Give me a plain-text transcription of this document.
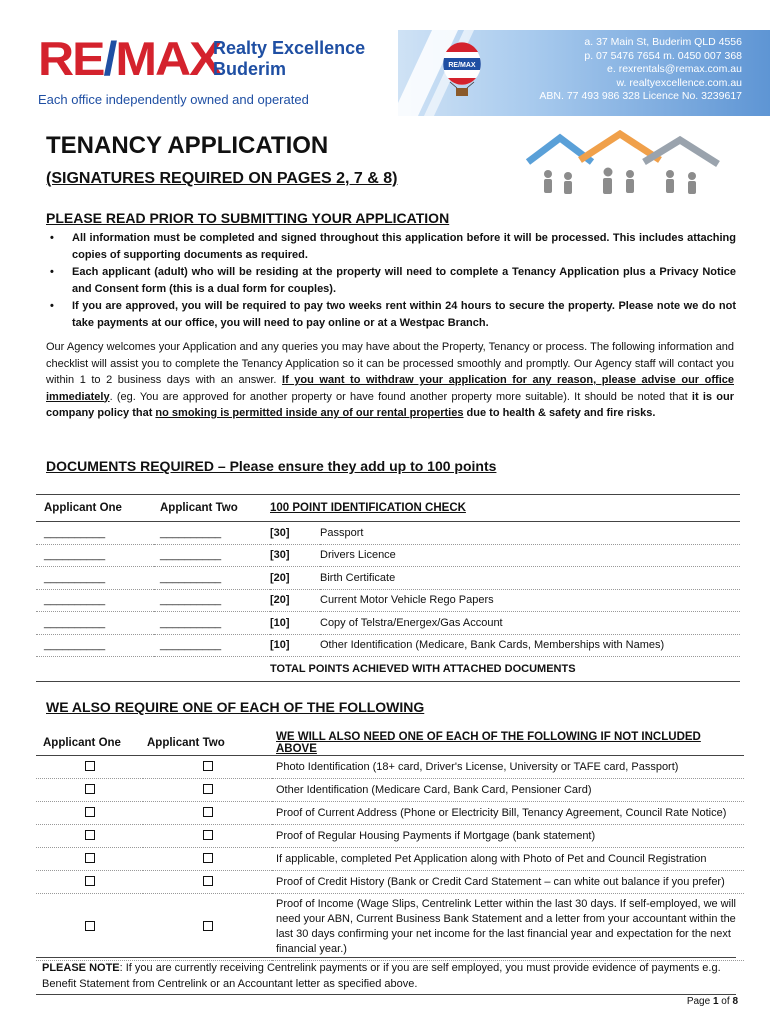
RE/MAX
Realty Excellence
Buderim
Each office independently owned and operated
RE/MAX
a. 37 Main St, Buderim QLD 4556
p. 07 5476 7654 m. 0450 007 368
e. rexrentals@remax.com.au
w. realtyexcellence.com.au
ABN. 77 493 986 328 Licence No. 3239617
TENANCY APPLICATION
(SIGNATURES REQUIRED ON PAGES 2, 7 & 8)
PLEASE READ PRIOR TO SUBMITTING YOUR APPLICATION
• All information must be completed and signed throughout this application before it will be processed. This includes attaching copies of supporting documents as required.
• Each applicant (adult) who will be residing at the property will need to complete a Tenancy Application plus a Privacy Notice and Consent form (this is a dual form for couples).
• If you are approved, you will be required to pay two weeks rent within 24 hours to secure the property. Please note we do not take payments at our office, you will need to pay online or at a Westpac Branch.
Our Agency welcomes your Application and any queries you may have about the Property, Tenancy or process. The following information and checklist will assist you to complete the Tenancy Application so it can be processed smoothly and promptly. Our Agency staff will contact you within 1 to 2 business days with an answer. If you want to withdraw your application for any reason, please advise our office immediately. (eg. You are approved for another property or have found another property more suitable). It should be noted that it is our company policy that no smoking is permitted inside any of our rental properties due to health & safety and fire risks.
DOCUMENTS REQUIRED – Please ensure they add up to 100 points
Applicant One	Applicant Two	100 POINT IDENTIFICATION CHECK	
__________	__________	[30]	Passport
__________	__________	[30]	Drivers Licence
__________	__________	[20]	Birth Certificate
__________	__________	[20]	Current Motor Vehicle Rego Papers
__________	__________	[10]	Copy of Telstra/Energex/Gas Account
__________	__________	[10]	Other Identification (Medicare, Bank Cards, Memberships with Names)
		TOTAL POINTS ACHIEVED WITH ATTACHED DOCUMENTS	
WE ALSO REQUIRE ONE OF EACH OF THE FOLLOWING
Applicant One	Applicant Two	WE WILL ALSO NEED ONE OF EACH OF THE FOLLOWING IF NOT INCLUDED ABOVE
		Photo Identification (18+ card, Driver's License, University or TAFE card, Passport)
		Other Identification (Medicare Card, Bank Card, Pensioner Card)
		Proof of Current Address (Phone or Electricity Bill, Tenancy Agreement, Council Rate Notice)
		Proof of Regular Housing Payments if Mortgage (bank statement)
		If applicable, completed Pet Application along with Photo of Pet and Council Registration
		Proof of Credit History (Bank or Credit Card Statement – can white out balance if you prefer)
		Proof of Income (Wage Slips, Centrelink Letter within the last 30 days. If self-employed, we will need your ABN, Current Business Bank Statement and a letter from your accountant within the last 30 days confirming your net income for the last financial year and expectation for the next financial year.)
PLEASE NOTE: If you are currently receiving Centrelink payments or if you are self employed, you must provide evidence of payments e.g. Benefit Statement from Centrelink or an Accountant letter as specified above.
Page 1 of 8
